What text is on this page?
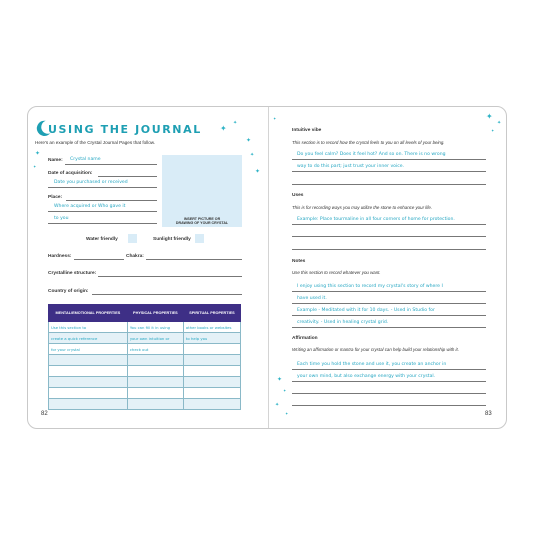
USING THE JOURNAL
Here's an example of the Crystal Journal Pages that follow.
✦
✦
✦
✦
✦
✦
✦
Name: Crystal name
Date of acquisition:
Date you purchased or received
Place:
Where acquired or Who gave it
to you	INSERT PICTURE OR
DRAWING OF YOUR CRYSTAL
Water friendly	Sunlight friendly
Hardness:	Chakra:
Crystalline structure:
Country of origin:
MENTAL/EMOTIONAL PROPERTIES	PHYSICAL PROPERTIES	SPIRITUAL PROPERTIES
Use this section to	You can fill it in using	other books or websites
create a quick reference	your own intuition or	to help you
for your crystal	check out	

82
✦
✦
✦
✦
✦
✦
✦
✦
Intuitive vibe
This section is to record how the crystal feels to you on all levels of your being.
Do you feel calm? Does it feel hot? And so on. There is no wrong
way to do this part; just trust your inner voice.
Uses
This is for recording ways you may utilize the stone to enhance your life.
Example: Place tourmaline in all four corners of home for protection.
Notes
Use this section to record whatever you want.
I enjoy using this section to record my crystal's story of where I
have used it.
Example - Meditated with it for 10 days. - Used in Studio for
creativity. - Used in healing crystal grid.
Affirmation
Writing an affirmation or mantra for your crystal can help build your relationship with it.
Each time you hold the stone and use it, you create an anchor in
your own mind, but also exchange energy with your crystal.
83
